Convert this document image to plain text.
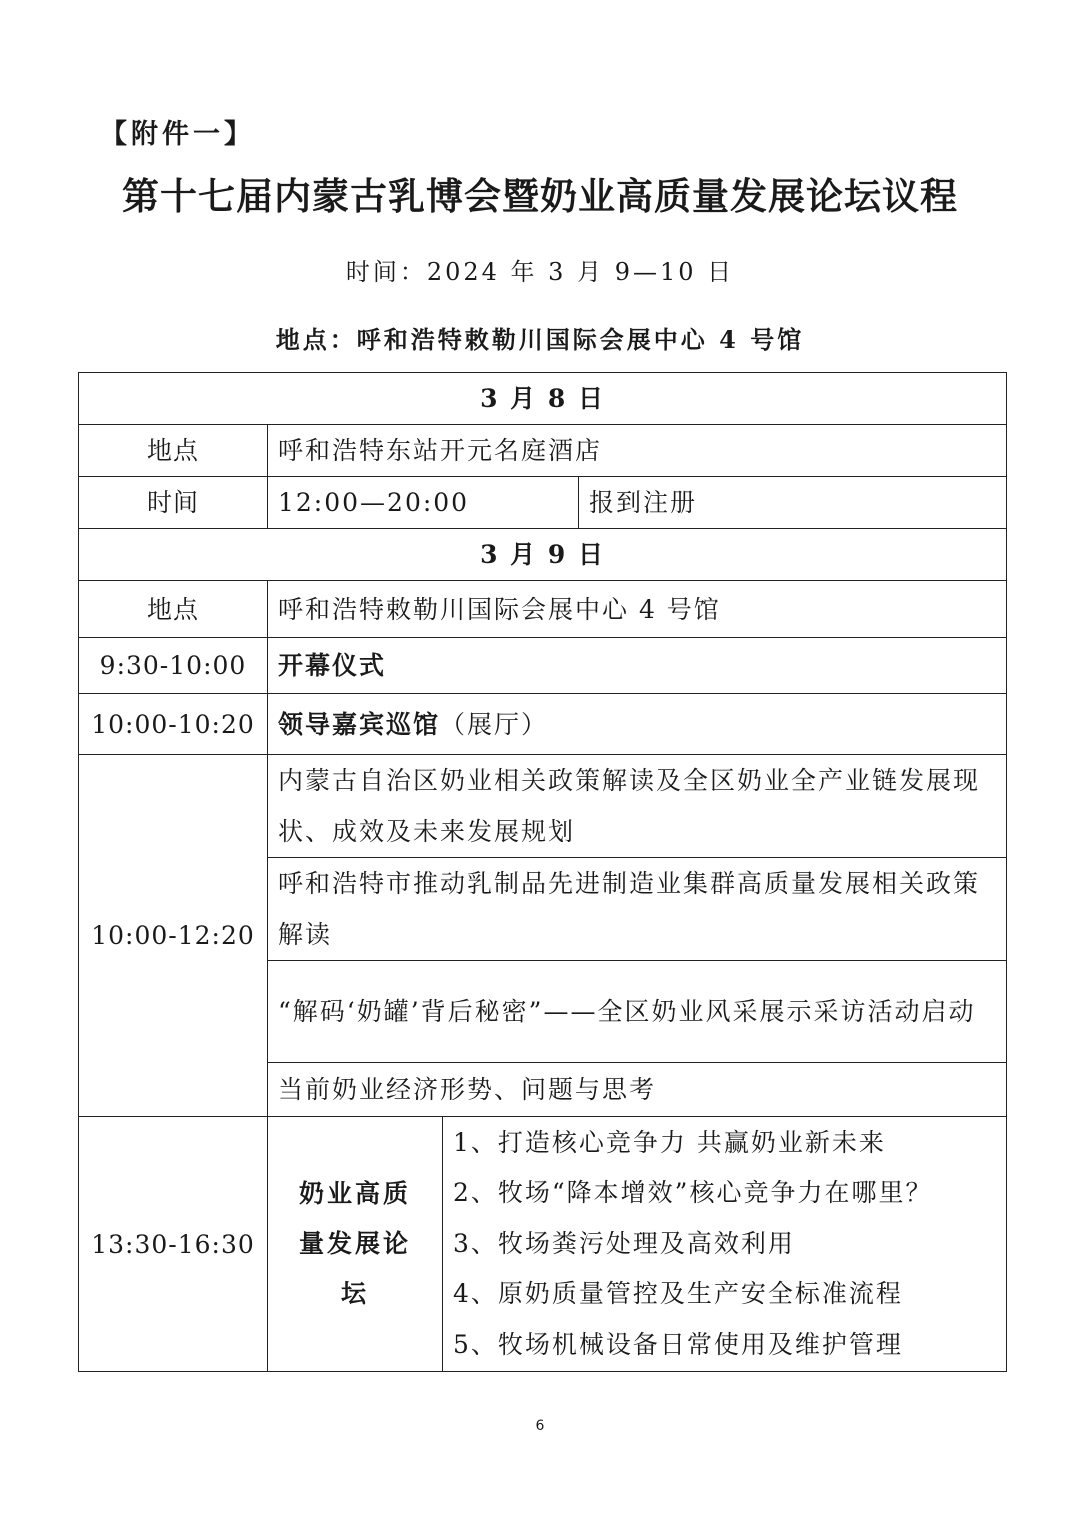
【附件一】
第十七届内蒙古乳博会暨奶业高质量发展论坛议程
时间：2024 年 3 月 9—10 日
地点：呼和浩特敕勒川国际会展中心 4 号馆
3 月 8 日			
地点	呼和浩特东站开元名庭酒店		
时间	12:00—20:00		报到注册
3 月 9 日			
地点	呼和浩特敕勒川国际会展中心 4 号馆		
9:30-10:00	开幕仪式		
10:00-10:20	领导嘉宾巡馆（展厅）		
10:00-12:20	内蒙古自治区奶业相关政策解读及全区奶业全产业链发展现状、成效及未来发展规划		
	呼和浩特市推动乳制品先进制造业集群高质量发展相关政策解读		
	“解码‘奶罐’背后秘密”——全区奶业风采展示采访活动启动		
	当前奶业经济形势、问题与思考		
13:30-16:30	奶业高质量发展论坛	1、打造核心竞争力 共赢奶业新未来
2、牧场“降本增效”核心竞争力在哪里？
3、牧场粪污处理及高效利用
4、原奶质量管控及生产安全标准流程
5、牧场机械设备日常使用及维护管理	
6
